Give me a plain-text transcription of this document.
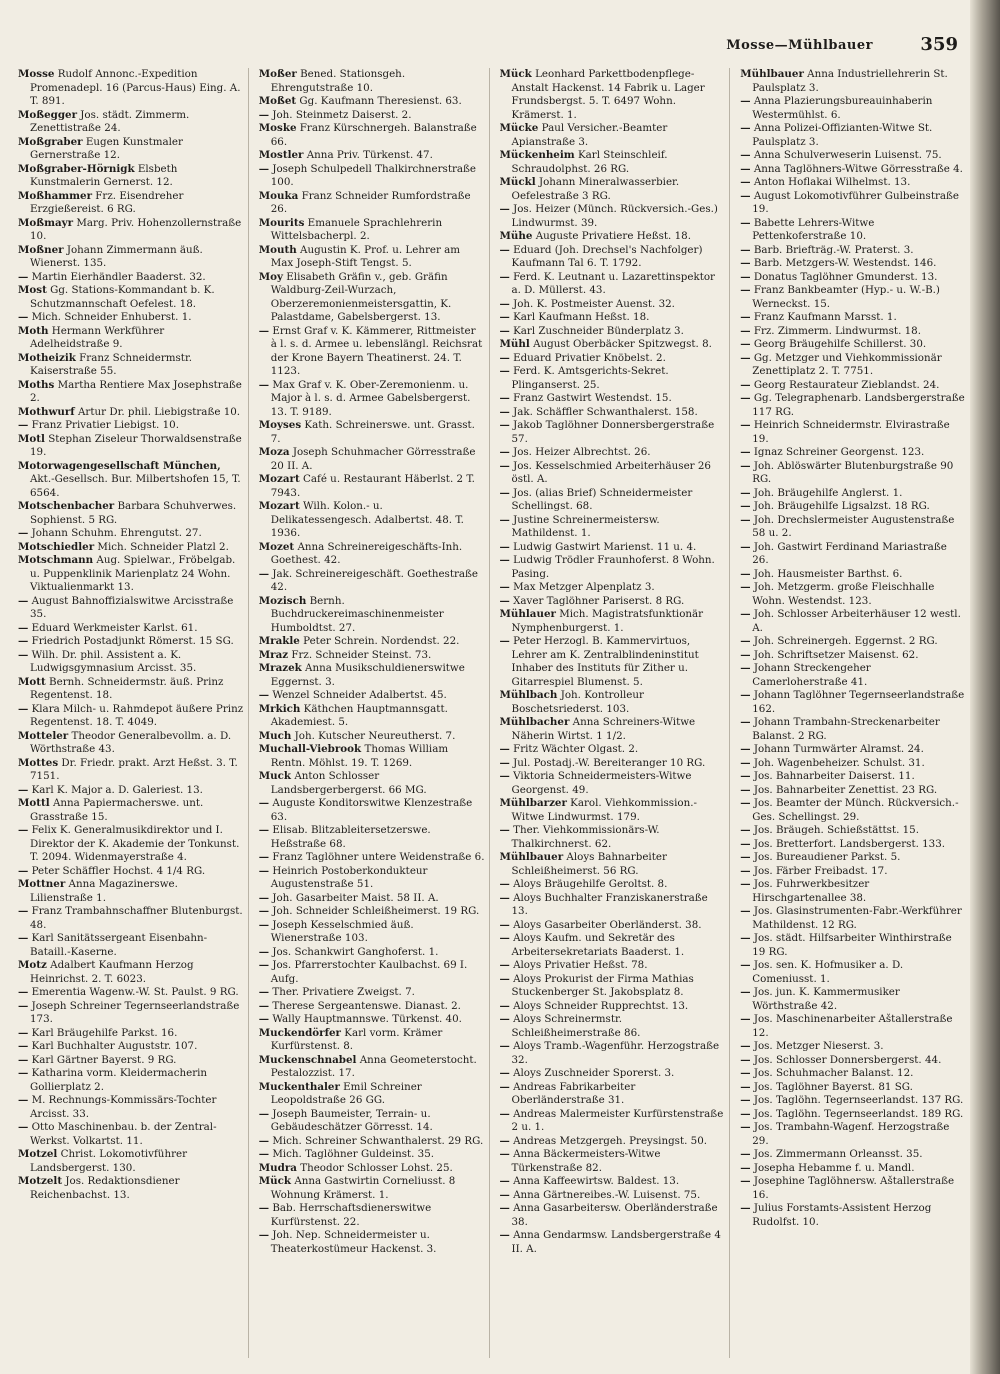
Mosse—Mühlbauer	359

Mosse Rudolf Annonc.-Expedition Promenadepl. 16 (Parcus-Haus) Eing. A. T. 891.

Moßegger Jos. städt. Zimmerm. Zenettistraße 24.

Moßgraber Eugen Kunstmaler Gernerstraße 12.

Moßgraber-Hörnigk Elsbeth Kunstmalerin Gernerst. 12.

Moßhammer Frz. Eisendreher Erzgießereist. 6 RG.

Moßmayr Marg. Priv. Hohenzollernstraße 10.

Moßner Johann Zimmermann äuß. Wienerst. 135.

— Martin Eierhändler Baaderst. 32.

Most Gg. Stations-Kommandant b. K. Schutzmannschaft Oefelest. 18.

— Mich. Schneider Enhuberst. 1.

Moth Hermann Werkführer Adelheidstraße 9.

Motheizik Franz Schneidermstr. Kaiserstraße 55.

Moths Martha Rentiere Max Josephstraße 2.

Mothwurf Artur Dr. phil. Liebigstraße 10.

— Franz Privatier Liebigst. 10.

Motl Stephan Ziseleur Thorwaldsenstraße 19.

Motorwagengesellschaft München, Akt.-Gesellsch. Bur. Milbertshofen 15, T. 6564.

Motschenbacher Barbara Schuhverwes. Sophienst. 5 RG.

— Johann Schuhm. Ehrengutst. 27.

Motschiedler Mich. Schneider Platzl 2.

Motschmann Aug. Spielwar., Fröbelgab. u. Puppenklinik Marienplatz 24 Wohn. Viktualienmarkt 13.

— August Bahnoffizialswitwe Arcisstraße 35.

— Eduard Werkmeister Karlst. 61.

— Friedrich Postadjunkt Römerst. 15 SG.

— Wilh. Dr. phil. Assistent a. K. Ludwigsgymnasium Arcisst. 35.

Mott Bernh. Schneidermstr. äuß. Prinz Regentenst. 18.

— Klara Milch- u. Rahmdepot äußere Prinz Regentenst. 18. T. 4049.

Motteler Theodor Generalbevollm. a. D. Wörthstraße 43.

Mottes Dr. Friedr. prakt. Arzt Heßst. 3. T. 7151.

— Karl K. Major a. D. Galeriest. 13.

Mottl Anna Papiermacherswe. unt. Grasstraße 15.

— Felix K. Generalmusikdirektor und I. Direktor der K. Akademie der Tonkunst. T. 2094. Widenmayerstraße 4.

— Peter Schäffler Hochst. 4 1/4 RG.

Mottner Anna Magazinerswe. Lilienstraße 1.

— Franz Trambahnschaffner Blutenburgst. 48.

— Karl Sanitätssergeant Eisenbahn-Bataill.-Kaserne.

Motz Adalbert Kaufmann Herzog Heinrichst. 2. T. 6023.

— Emerentia Wagenw.-W. St. Paulst. 9 RG.

— Joseph Schreiner Tegernseerlandstraße 173.

— Karl Bräugehilfe Parkst. 16.

— Karl Buchhalter Auguststr. 107.

— Karl Gärtner Bayerst. 9 RG.

— Katharina vorm. Kleidermacherin Gollierplatz 2.

— M. Rechnungs-Kommissärs-Tochter Arcisst. 33.

— Otto Maschinenbau. b. der Zentral-Werkst. Volkartst. 11.

Motzel Christ. Lokomotivführer Landsbergerst. 130.

Motzelt Jos. Redaktionsdiener Reichenbachst. 13.

Moßer Bened. Stationsgeh. Ehrengutstraße 10.

Moßet Gg. Kaufmann Theresienst. 63.

— Joh. Steinmetz Daiserst. 2.

Moske Franz Kürschnergeh. Balanstraße 66.

Mostler Anna Priv. Türkenst. 47.

— Joseph Schulpedell Thalkirchnerstraße 100.

Mouka Franz Schneider Rumfordstraße 26.

Mourits Emanuele Sprachlehrerin Wittelsbacherpl. 2.

Mouth Augustin K. Prof. u. Lehrer am Max Joseph-Stift Tengst. 5.

Moy Elisabeth Gräfin v., geb. Gräfin Waldburg-Zeil-Wurzach, Oberzeremonienmeistersgattin, K. Palastdame, Gabelsbergerst. 13.

— Ernst Graf v. K. Kämmerer, Rittmeister à l. s. d. Armee u. lebenslängl. Reichsrat der Krone Bayern Theatinerst. 24. T. 1123.

— Max Graf v. K. Ober-Zeremonienm. u. Major à l. s. d. Armee Gabelsbergerst. 13. T. 9189.

Moyses Kath. Schreinerswe. unt. Grasst. 7.

Moza Joseph Schuhmacher Görresstraße 20 II. A.

Mozart Café u. Restaurant Häberlst. 2 T. 7943.

Mozart Wilh. Kolon.- u. Delikatessengesch. Adalbertst. 48. T. 1936.

Mozet Anna Schreinereigeschäfts-Inh. Goethest. 42.

— Jak. Schreinereigeschäft. Goethestraße 42.

Mozisch Bernh. Buchdruckereimaschinenmeister Humboldtst. 27.

Mrakle Peter Schrein. Nordendst. 22.

Mraz Frz. Schneider Steinst. 73.

Mrazek Anna Musikschuldienerswitwe Eggernst. 3.

— Wenzel Schneider Adalbertst. 45.

Mrkich Käthchen Hauptmannsgatt. Akademiest. 5.

Much Joh. Kutscher Neureutherst. 7.

Muchall-Viebrook Thomas William Rentn. Möhlst. 19. T. 1269.

Muck Anton Schlosser Landsbergerbergerst. 66 MG.

— Auguste Konditorswitwe Klenzestraße 63.

— Elisab. Blitzableitersetzerswe. Heßstraße 68.

— Franz Taglöhner untere Weidenstraße 6.

— Heinrich Postoberkondukteur Augustenstraße 51.

— Joh. Gasarbeiter Maist. 58 II. A.

— Joh. Schneider Schleißheimerst. 19 RG.

— Joseph Kesselschmied äuß. Wienerstraße 103.

— Jos. Schankwirt Ganghoferst. 1.

— Jos. Pfarrerstochter Kaulbachst. 69 I. Aufg.

— Ther. Privatiere Zweigst. 7.

— Therese Sergeantenswe. Dianast. 2.

— Wally Hauptmannswe. Türkenst. 40.

Muckendörfer Karl vorm. Krämer Kurfürstenst. 8.

Muckenschnabel Anna Geometerstocht. Pestalozzist. 17.

Muckenthaler Emil Schreiner Leopoldstraße 26 GG.

— Joseph Baumeister, Terrain- u. Gebäudeschätzer Görresst. 14.

— Mich. Schreiner Schwanthalerst. 29 RG.

— Mich. Taglöhner Guldeinst. 35.

Mudra Theodor Schlosser Lohst. 25.

Mück Anna Gastwirtin Corneliusst. 8 Wohnung Krämerst. 1.

— Bab. Herrschaftsdienerswitwe Kurfürstenst. 22.

— Joh. Nep. Schneidermeister u. Theaterkostümeur Hackenst. 3.

Mück Leonhard Parkettbodenpflege-Anstalt Hackenst. 14 Fabrik u. Lager Frundsbergst. 5. T. 6497 Wohn. Krämerst. 1.

Mücke Paul Versicher.-Beamter Apianstraße 3.

Mückenheim Karl Steinschleif. Schraudolphst. 26 RG.

Mückl Johann Mineralwasserbier. Oefelestraße 3 RG.

— Jos. Heizer (Münch. Rückversich.-Ges.) Lindwurmst. 39.

Mühe Auguste Privatiere Heßst. 18.

— Eduard (Joh. Drechsel's Nachfolger) Kaufmann Tal 6. T. 1792.

— Ferd. K. Leutnant u. Lazarettinspektor a. D. Müllerst. 43.

— Joh. K. Postmeister Auenst. 32.

— Karl Kaufmann Heßst. 18.

— Karl Zuschneider Bünderplatz 3.

Mühl August Oberbäcker Spitzwegst. 8.

— Eduard Privatier Knöbelst. 2.

— Ferd. K. Amtsgerichts-Sekret. Plinganserst. 25.

— Franz Gastwirt Westendst. 15.

— Jak. Schäffler Schwanthalerst. 158.

— Jakob Taglöhner Donnersbergerstraße 57.

— Jos. Heizer Albrechtst. 26.

— Jos. Kesselschmied Arbeiterhäuser 26 östl. A.

— Jos. (alias Brief) Schneidermeister Schellingst. 68.

— Justine Schreinermeistersw. Mathildenst. 1.

— Ludwig Gastwirt Marienst. 11 u. 4.

— Ludwig Trödler Fraunhoferst. 8 Wohn. Pasing.

— Max Metzger Alpenplatz 3.

— Xaver Taglöhner Pariserst. 8 RG.

Mühlauer Mich. Magistratsfunktionär Nymphenburgerst. 1.

— Peter Herzogl. B. Kammervirtuos, Lehrer am K. Zentralblindeninstitut Inhaber des Instituts für Zither u. Gitarrespiel Blumenst. 5.

Mühlbach Joh. Kontrolleur Boschetsriederst. 103.

Mühlbacher Anna Schreiners-Witwe Näherin Wirtst. 1 1/2.

— Fritz Wächter Olgast. 2.

— Jul. Postadj.-W. Bereiteranger 10 RG.

— Viktoria Schneidermeisters-Witwe Georgenst. 49.

Mühlbarzer Karol. Viehkommission.-Witwe Lindwurmst. 179.

— Ther. Viehkommissionärs-W. Thalkirchnerst. 62.

Mühlbauer Aloys Bahnarbeiter Schleißheimerst. 56 RG.

— Aloys Bräugehilfe Geroltst. 8.

— Aloys Buchhalter Franziskanerstraße 13.

— Aloys Gasarbeiter Oberländerst. 38.

— Aloys Kaufm. und Sekretär des Arbeitersekretariats Baaderst. 1.

— Aloys Privatier Heßst. 78.

— Aloys Prokurist der Firma Mathias Stuckenberger St. Jakobsplatz 8.

— Aloys Schneider Rupprechtst. 13.

— Aloys Schreinermstr. Schleißheimerstraße 86.

— Aloys Tramb.-Wagenführ. Herzogstraße 32.

— Aloys Zuschneider Sporerst. 3.

— Andreas Fabrikarbeiter Oberländerstraße 31.

— Andreas Malermeister Kurfürstenstraße 2 u. 1.

— Andreas Metzgergeh. Preysingst. 50.

— Anna Bäckermeisters-Witwe Türkenstraße 82.

— Anna Kaffeewirtsw. Baldest. 13.

— Anna Gärtnereibes.-W. Luisenst. 75.

— Anna Gasarbeitersw. Oberländerstraße 38.

— Anna Gendarmsw. Landsbergerstraße 4 II. A.

Mühlbauer Anna Industriellehrerin St. Paulsplatz 3.

— Anna Plazierungsbureauinhaberin Westermühlst. 6.

— Anna Polizei-Offizianten-Witwe St. Paulsplatz 3.

— Anna Schulverweserin Luisenst. 75.

— Anna Taglöhners-Witwe Görresstraße 4.

— Anton Hoflakai Wilhelmst. 13.

— August Lokomotivführer Gulbeinstraße 19.

— Babette Lehrers-Witwe Pettenkoferstraße 10.

— Barb. Briefträg.-W. Praterst. 3.

— Barb. Metzgers-W. Westendst. 146.

— Donatus Taglöhner Gmunderst. 13.

— Franz Bankbeamter (Hyp.- u. W.-B.) Werneckst. 15.

— Franz Kaufmann Marsst. 1.

— Frz. Zimmerm. Lindwurmst. 18.

— Georg Bräugehilfe Schillerst. 30.

— Gg. Metzger und Viehkommissionär Zenettiplatz 2. T. 7751.

— Georg Restaurateur Zieblandst. 24.

— Gg. Telegraphenarb. Landsbergerstraße 117 RG.

— Heinrich Schneidermstr. Elvirastraße 19.

— Ignaz Schreiner Georgenst. 123.

— Joh. Ablöswärter Blutenburgstraße 90 RG.

— Joh. Bräugehilfe Anglerst. 1.

— Joh. Bräugehilfe Ligsalzst. 18 RG.

— Joh. Drechslermeister Augustenstraße 58 u. 2.

— Joh. Gastwirt Ferdinand Mariastraße 26.

— Joh. Hausmeister Barthst. 6.

— Joh. Metzgerm. große Fleischhalle Wohn. Westendst. 123.

— Joh. Schlosser Arbeiterhäuser 12 westl. A.

— Joh. Schreinergeh. Eggernst. 2 RG.

— Joh. Schriftsetzer Maisenst. 62.

— Johann Streckengeher Camerloherstraße 41.

— Johann Taglöhner Tegernseerlandstraße 162.

— Johann Trambahn-Streckenarbeiter Balanst. 2 RG.

— Johann Turmwärter Alramst. 24.

— Joh. Wagenbeheizer. Schulst. 31.

— Jos. Bahnarbeiter Daiserst. 11.

— Jos. Bahnarbeiter Zenettist. 23 RG.

— Jos. Beamter der Münch. Rückversich.-Ges. Schellingst. 29.

— Jos. Bräugeh. Schießstättst. 15.

— Jos. Bretterfort. Landsbergerst. 133.

— Jos. Bureaudiener Parkst. 5.

— Jos. Färber Freibadst. 17.

— Jos. Fuhrwerkbesitzer Hirschgartenallee 38.

— Jos. Glasinstrumenten-Fabr.-Werkführer Mathildenst. 12 RG.

— Jos. städt. Hilfsarbeiter Winthirstraße 19 RG.

— Jos. sen. K. Hofmusiker a. D. Comeniusst. 1.

— Jos. jun. K. Kammermusiker Wörthstraße 42.

— Jos. Maschinenarbeiter Aštallerstraße 12.

— Jos. Metzger Nieserst. 3.

— Jos. Schlosser Donnersbergerst. 44.

— Jos. Schuhmacher Balanst. 12.

— Jos. Taglöhner Bayerst. 81 SG.

— Jos. Taglöhn. Tegernseerlandst. 137 RG.

— Jos. Taglöhn. Tegernseerlandst. 189 RG.

— Jos. Trambahn-Wagenf. Herzogstraße 29.

— Jos. Zimmermann Orleansst. 35.

— Josepha Hebamme f. u. Mandl.

— Josephine Taglöhnersw. Aštallerstraße 16.

— Julius Forstamts-Assistent Herzog Rudolfst. 10.
